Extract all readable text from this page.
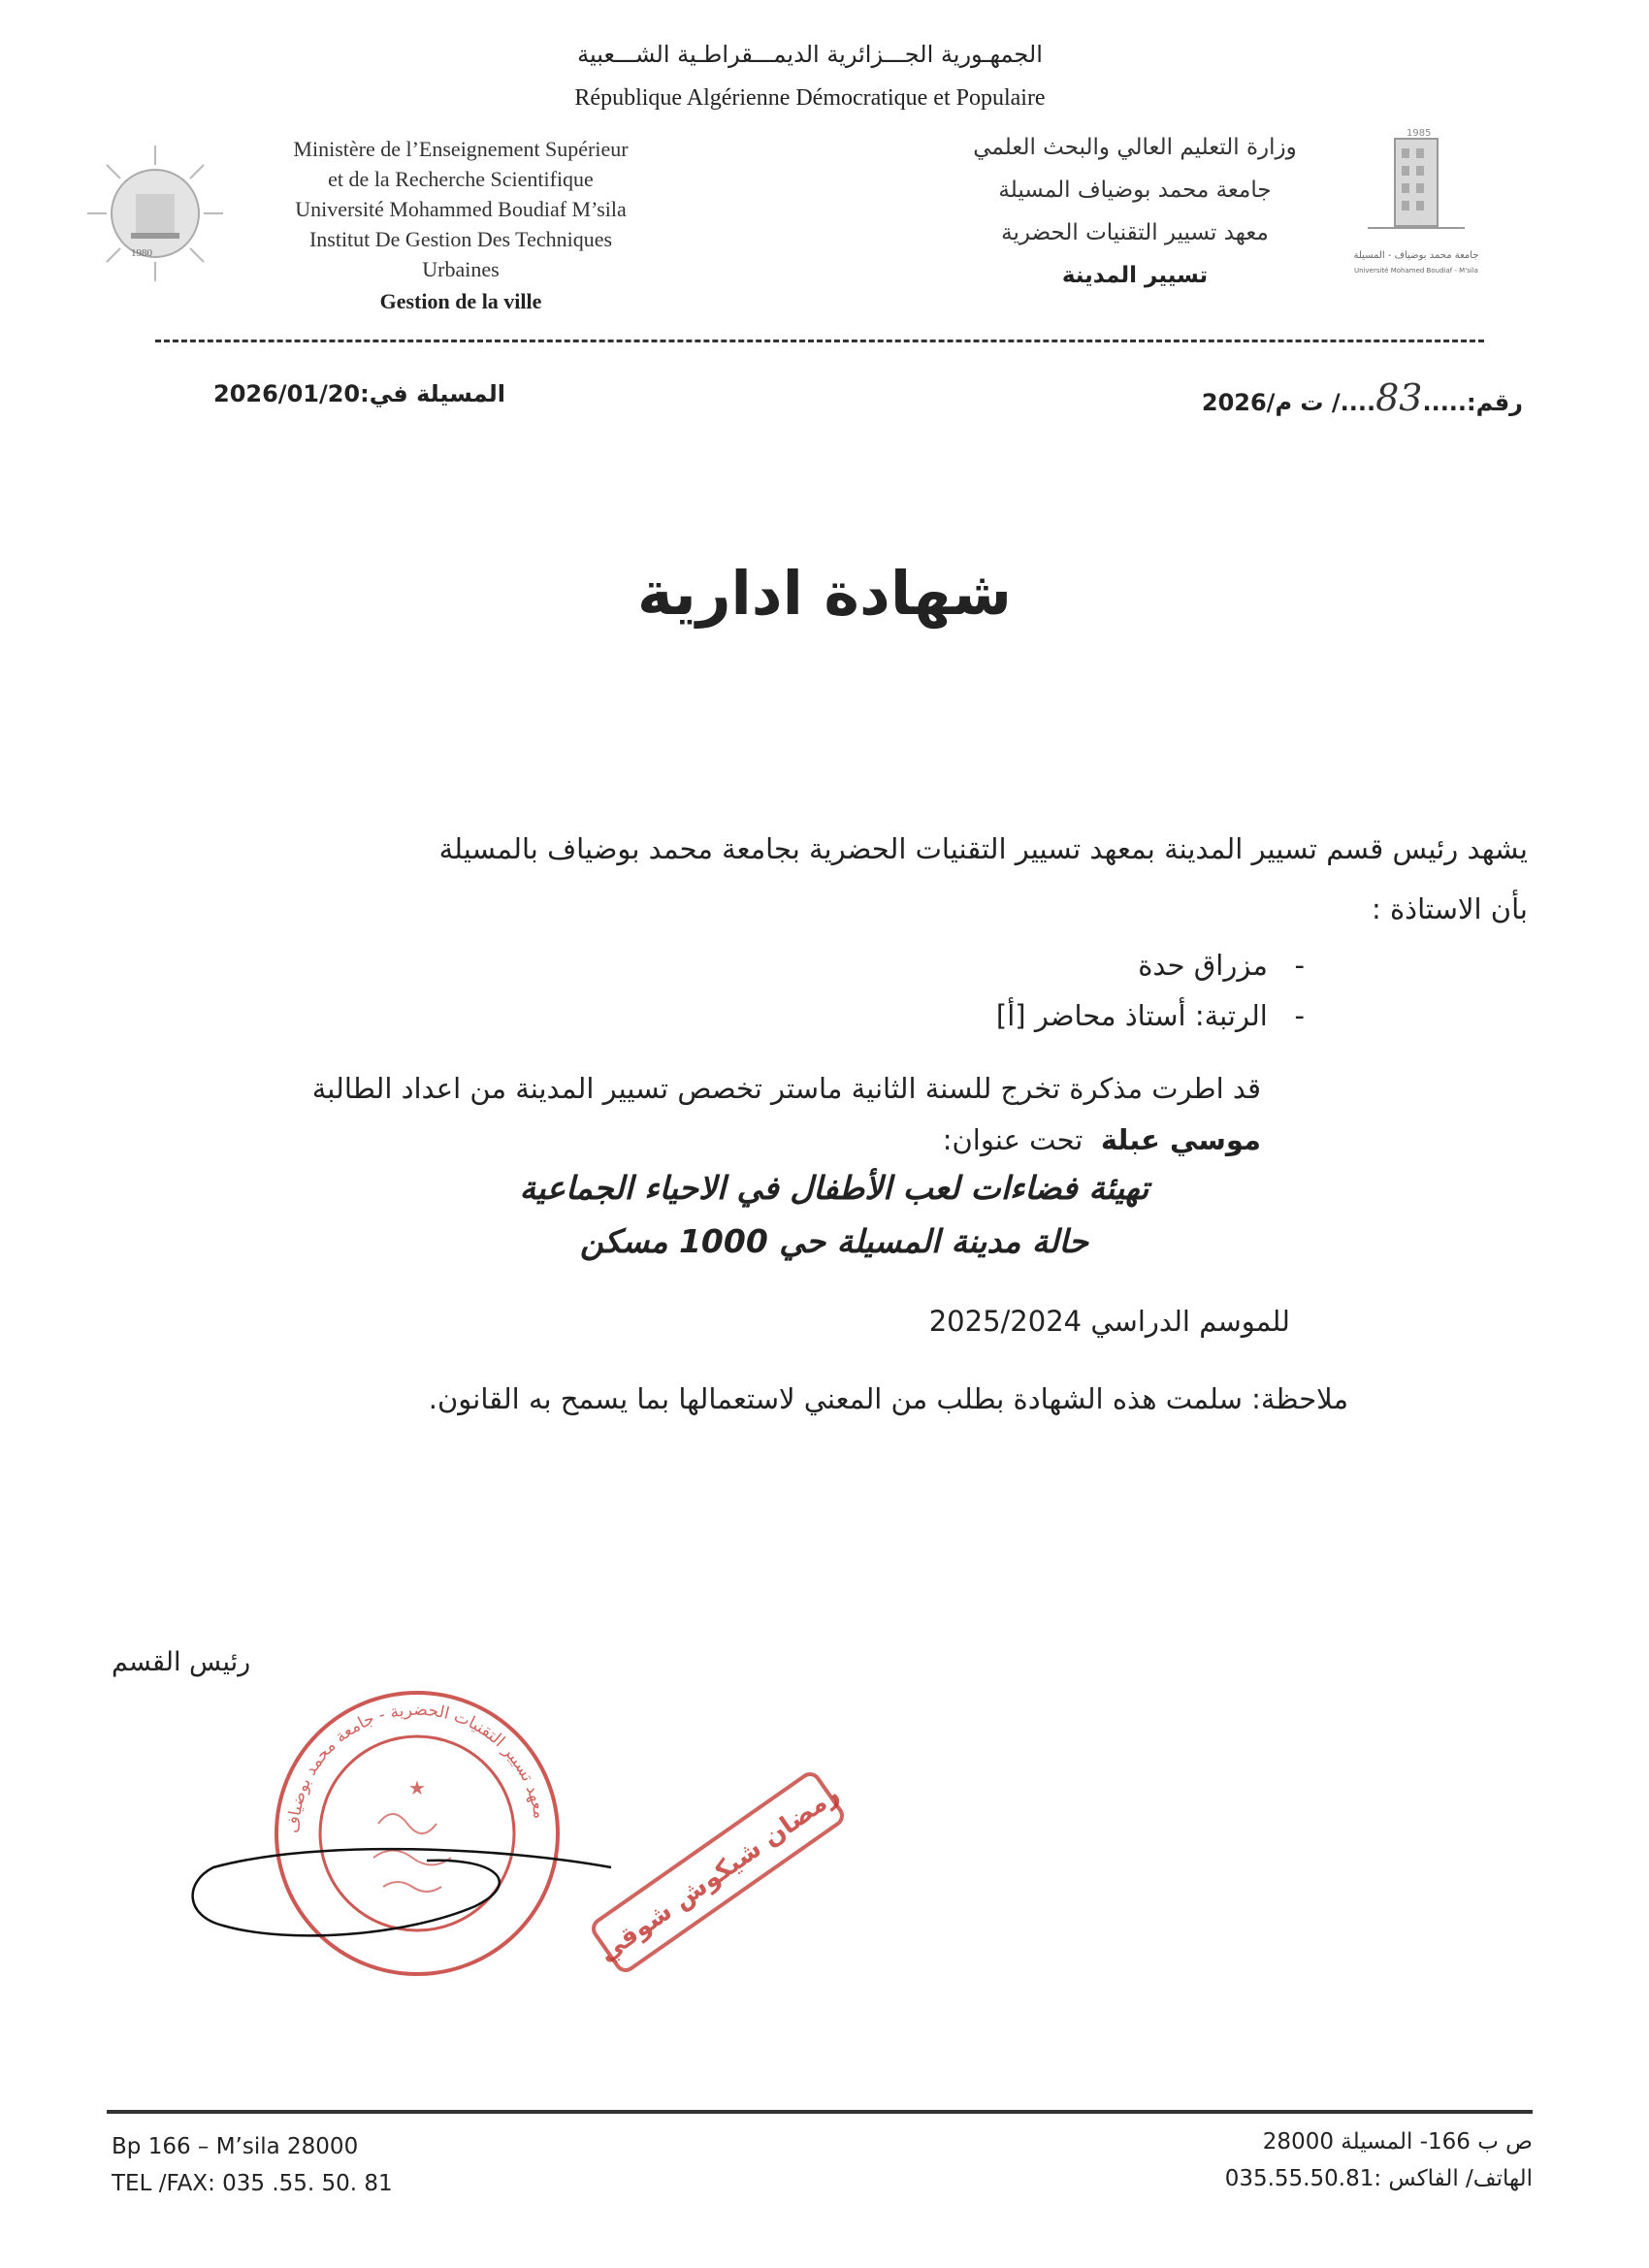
الجمهـورية الجـــزائرية الديمـــقراطـية الشـــعبية
République Algérienne Démocratique et Populaire
1980
Ministère de l’Enseignement Supérieur
et de la Recherche Scientifique
Université Mohammed Boudiaf M’sila
Institut De Gestion Des Techniques
Urbaines
Gestion de la ville
وزارة التعليم العالي والبحث العلمي
جامعة محمد بوضياف المسيلة
معهد تسيير التقنيات الحضرية
تسيير المدينة
1985
جامعة محمد بوضياف - المسيلة
Université Mohamed Boudiaf - M'sila
رقم:.....83..../ ت م/2026
المسيلة في:2026/01/20
شهادة ادارية
يشهد رئيس قسم تسيير المدينة بمعهد تسيير التقنيات الحضرية بجامعة محمد بوضياف بالمسيلة
بأن الاستاذة :
-   مزراق حدة
-   الرتبة: أستاذ محاضر [أ]
قد اطرت مذكرة تخرج للسنة الثانية ماستر تخصص تسيير المدينة من اعداد الطالبة
موسي عبلة  تحت عنوان:
تهيئة فضاءات لعب الأطفال في الاحياء الجماعية
حالة مدينة المسيلة حي 1000 مسكن
للموسم الدراسي 2025/2024
ملاحظة: سلمت هذه الشهادة بطلب من المعني لاستعمالها بما يسمح به القانون.
رئيس القسم
معهد تسيير التقنيات الحضرية - جامعة محمد بوضياف
★	رمضان شيكوش شوقي
Bp 166 – M’sila 28000
TEL /FAX: 035 .55. 50. 81
ص ب 166- المسيلة 28000
الهاتف/ الفاكس :035.55.50.81
